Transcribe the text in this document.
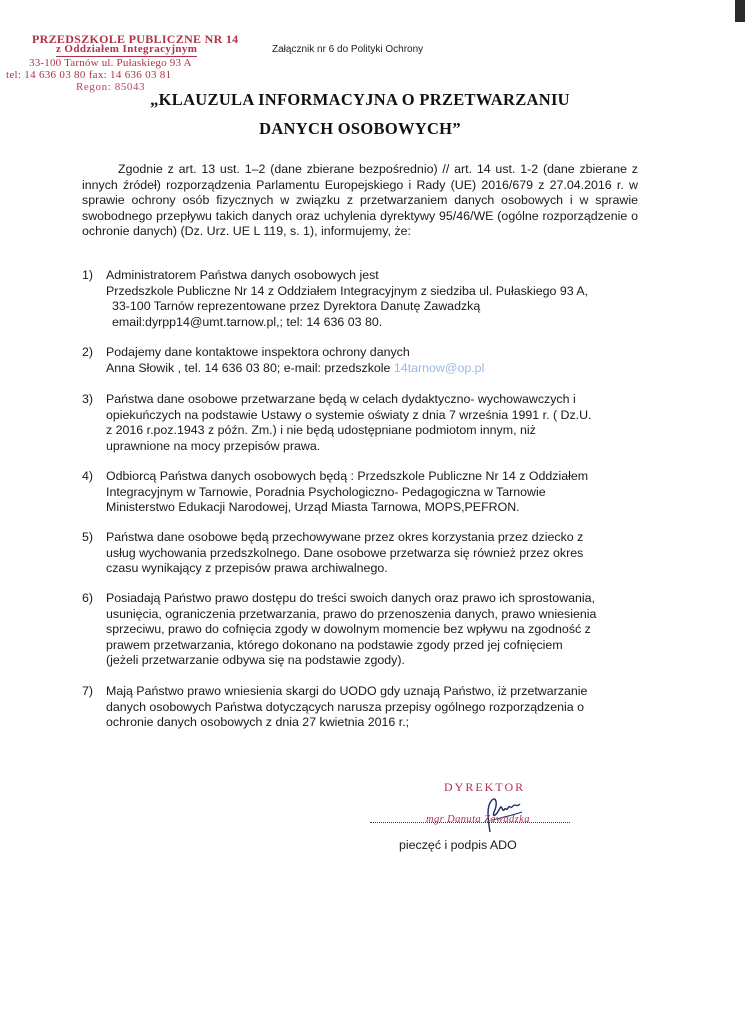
PRZEDSZKOLE PUBLICZNE NR 14
z Oddziałem Integracyjnym
33-100 Tarnów ul. Pułaskiego 93 A
tel: 14 636 03 80 fax: 14 636 03 81
Regon: 85043
Załącznik nr 6 do Polityki Ochrony
„KLAUZULA INFORMACYJNA O PRZETWARZANIU
DANYCH OSOBOWYCH”
Zgodnie z art. 13 ust. 1–2 (dane zbierane bezpośrednio) // art. 14 ust. 1-2 (dane zbierane z innych źródeł) rozporządzenia Parlamentu Europejskiego i Rady (UE) 2016/679 z 27.04.2016 r. w sprawie ochrony osób fizycznych w związku z przetwarzaniem danych osobowych i w sprawie swobodnego przepływu takich danych oraz uchylenia dyrektywy 95/46/WE (ogólne rozporządzenie o ochronie danych) (Dz. Urz. UE L 119, s. 1), informujemy, że:
1) Administratorem Państwa danych osobowych jest
Przedszkole Publiczne Nr 14 z Oddziałem Integracyjnym z siedziba ul. Pułaskiego 93 A,
33-100 Tarnów reprezentowane przez Dyrektora Danutę Zawadzką
email:dyrpp14@umt.tarnow.pl,; tel: 14 636 03 80.
2) Podajemy dane kontaktowe inspektora ochrony danych
Anna Słowik , tel. 14 636 03 80; e-mail: przedszkole 14tarnow@op.pl
3) Państwa dane osobowe przetwarzane będą w celach dydaktyczno- wychowawczych i
opiekuńczych na podstawie Ustawy o systemie oświaty z dnia 7 września 1991 r. ( Dz.U.
z 2016 r.poz.1943 z późn. Zm.) i nie będą udostępniane podmiotom innym, niż
uprawnione na mocy przepisów prawa.
4) Odbiorcą Państwa danych osobowych będą : Przedszkole Publiczne Nr 14 z Oddziałem
Integracyjnym w Tarnowie, Poradnia Psychologiczno- Pedagogiczna w Tarnowie
Ministerstwo Edukacji Narodowej, Urząd Miasta Tarnowa, MOPS,PEFRON.
5) Państwa dane osobowe będą przechowywane przez okres korzystania przez dziecko z
usług wychowania przedszkolnego. Dane osobowe przetwarza się również przez okres
czasu wynikający z przepisów prawa archiwalnego.
6) Posiadają Państwo prawo dostępu do treści swoich danych oraz prawo ich sprostowania,
usunięcia, ograniczenia przetwarzania, prawo do przenoszenia danych, prawo wniesienia
sprzeciwu, prawo do cofnięcia zgody w dowolnym momencie bez wpływu na zgodność z
prawem przetwarzania, którego dokonano na podstawie zgody przed jej cofnięciem
(jeżeli przetwarzanie odbywa się na podstawie zgody).
7) Mają Państwo prawo wniesienia skargi do UODO gdy uznają Państwo, iż przetwarzanie
danych osobowych Państwa dotyczących narusza przepisy ogólnego rozporządzenia o
ochronie danych osobowych z dnia 27 kwietnia 2016 r.;
DYREKTOR
mgr Danuta Zawadzka
pieczęć i podpis ADO
